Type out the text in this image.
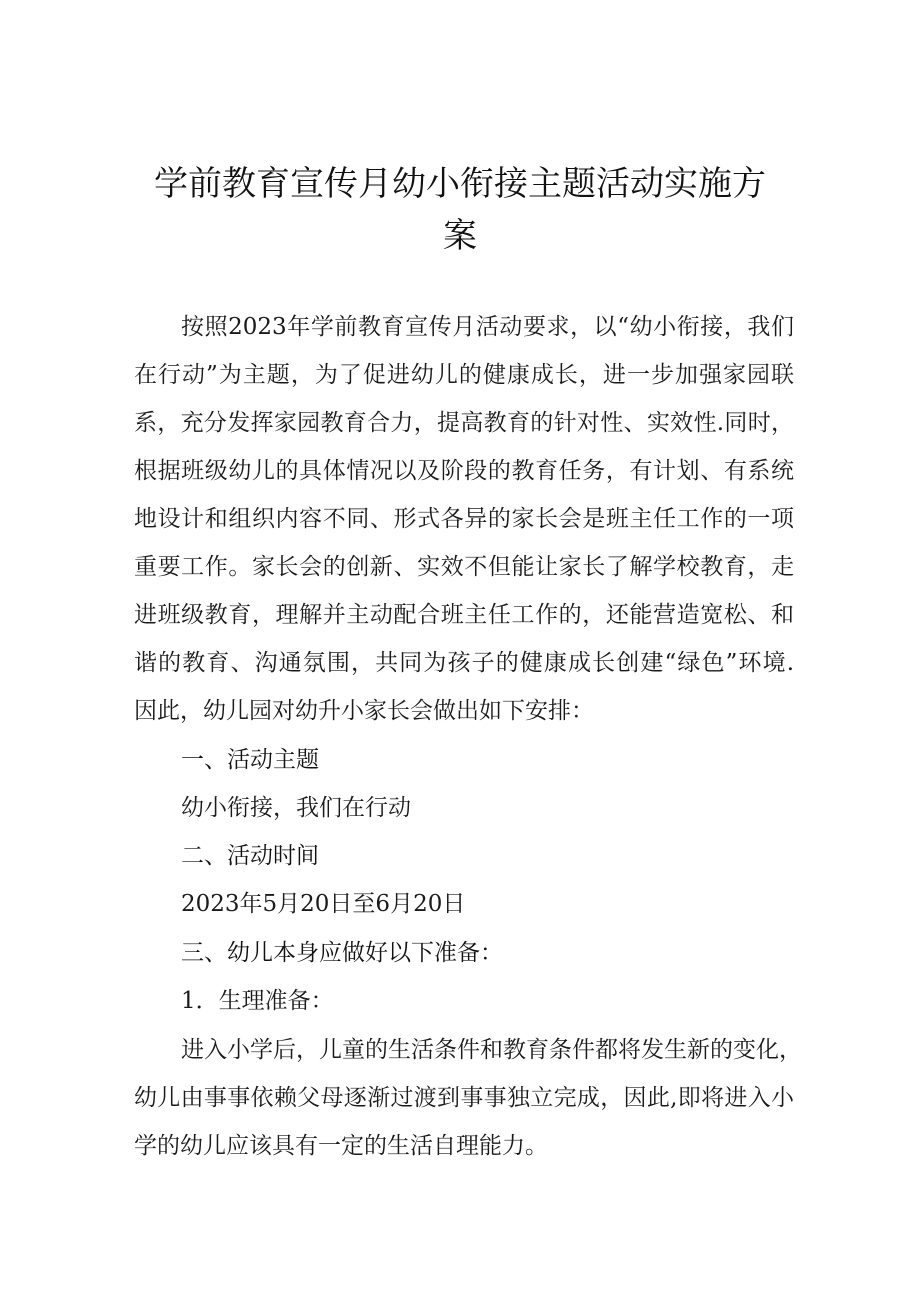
学前教育宣传月幼小衔接主题活动实施方
案
按照2023年学前教育宣传月活动要求，以“幼小衔接，我们
在行动”为主题，为了促进幼儿的健康成长，进一步加强家园联
系，充分发挥家园教育合力，提高教育的针对性、实效性.同时，
根据班级幼儿的具体情况以及阶段的教育任务，有计划、有系统
地设计和组织内容不同、形式各异的家长会是班主任工作的一项
重要工作。家长会的创新、实效不但能让家长了解学校教育，走
进班级教育，理解并主动配合班主任工作的，还能营造宽松、和
谐的教育、沟通氛围，共同为孩子的健康成长创建“绿色”环境.
因此，幼儿园对幼升小家长会做出如下安排：
一、活动主题
幼小衔接，我们在行动
二、活动时间
2023年5月20日至6月20日
三、幼儿本身应做好以下准备：
1．生理准备：
进入小学后，儿童的生活条件和教育条件都将发生新的变化，
幼儿由事事依赖父母逐渐过渡到事事独立完成，因此,即将进入小
学的幼儿应该具有一定的生活自理能力。
